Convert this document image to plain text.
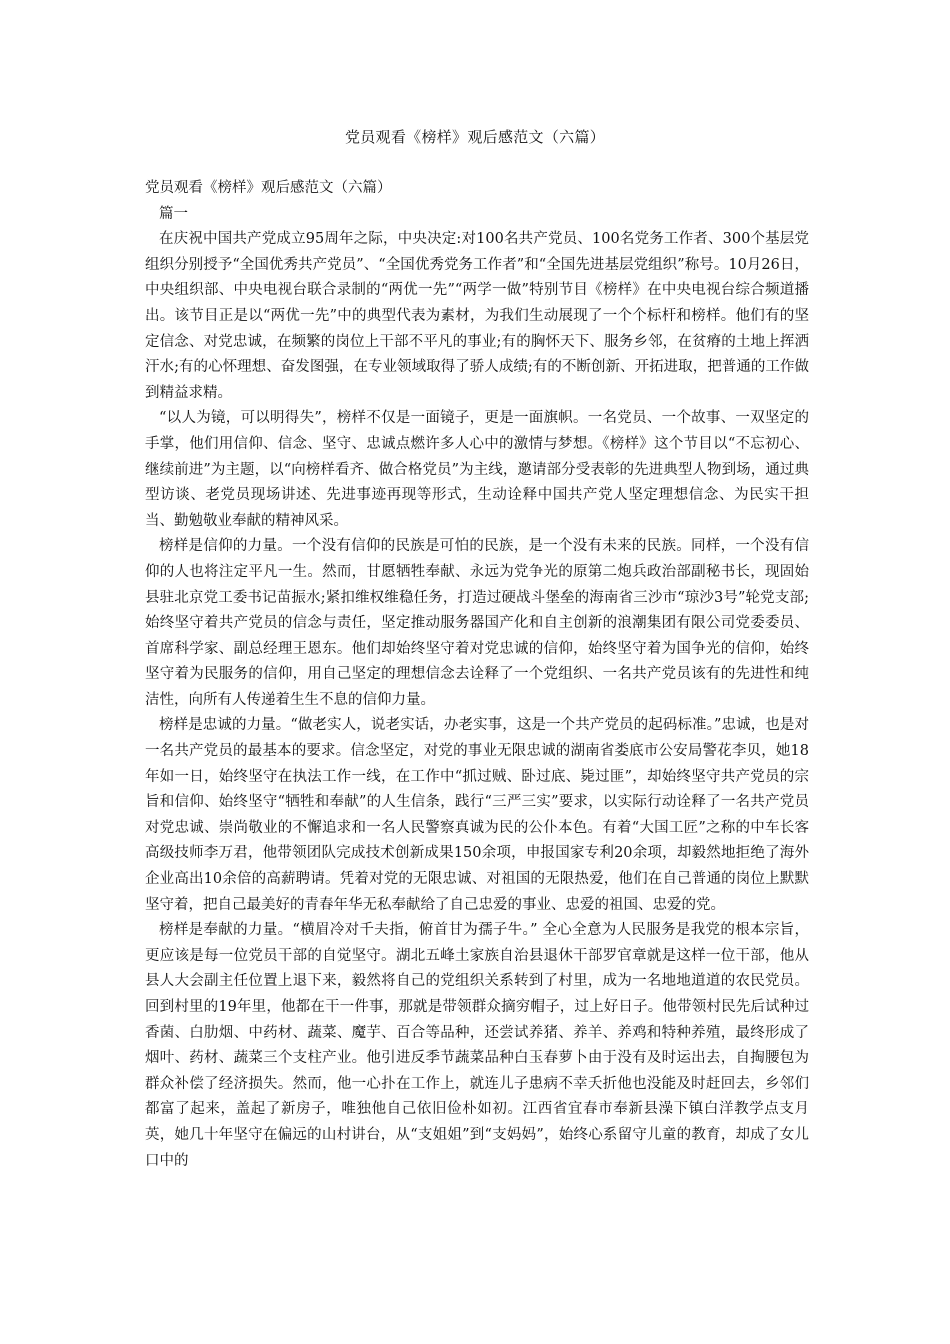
党员观看《榜样》观后感范文（六篇）

党员观看《榜样》观后感范文（六篇）

篇一

在庆祝中国共产党成立95周年之际，中央决定:对100名共产党员、100名党务工作者、300个基层党组织分别授予“全国优秀共产党员”、“全国优秀党务工作者”和“全国先进基层党组织”称号。10月26日，中央组织部、中央电视台联合录制的“两优一先”“两学一做”特别节目《榜样》在中央电视台综合频道播出。该节目正是以“两优一先”中的典型代表为素材，为我们生动展现了一个个标杆和榜样。他们有的坚定信念、对党忠诚，在频繁的岗位上干部不平凡的事业;有的胸怀天下、服务乡邻，在贫瘠的土地上挥洒汗水;有的心怀理想、奋发图强，在专业领域取得了骄人成绩;有的不断创新、开拓进取，把普通的工作做到精益求精。

“以人为镜，可以明得失”，榜样不仅是一面镜子，更是一面旗帜。一名党员、一个故事、一双坚定的手掌，他们用信仰、信念、坚守、忠诚点燃许多人心中的激情与梦想。《榜样》这个节目以“不忘初心、继续前进”为主题，以“向榜样看齐、做合格党员”为主线，邀请部分受表彰的先进典型人物到场，通过典型访谈、老党员现场讲述、先进事迹再现等形式，生动诠释中国共产党人坚定理想信念、为民实干担当、勤勉敬业奉献的精神风采。

榜样是信仰的力量。一个没有信仰的民族是可怕的民族，是一个没有未来的民族。同样，一个没有信仰的人也将注定平凡一生。然而，甘愿牺牲奉献、永远为党争光的原第二炮兵政治部副秘书长，现固始县驻北京党工委书记苗振水;紧扣维权维稳任务，打造过硬战斗堡垒的海南省三沙市“琼沙3号”轮党支部;始终坚守着共产党员的信念与责任，坚定推动服务器国产化和自主创新的浪潮集团有限公司党委委员、首席科学家、副总经理王恩东。他们却始终坚守着对党忠诚的信仰，始终坚守着为国争光的信仰，始终坚守着为民服务的信仰，用自己坚定的理想信念去诠释了一个党组织、一名共产党员该有的先进性和纯洁性，向所有人传递着生生不息的信仰力量。

榜样是忠诚的力量。“做老实人，说老实话，办老实事，这是一个共产党员的起码标准。”忠诚，也是对一名共产党员的最基本的要求。信念坚定，对党的事业无限忠诚的湖南省娄底市公安局警花李贝，她18年如一日，始终坚守在执法工作一线，在工作中“抓过贼、卧过底、毙过匪”，却始终坚守共产党员的宗旨和信仰、始终坚守“牺牲和奉献”的人生信条，践行“三严三实”要求，以实际行动诠释了一名共产党员对党忠诚、崇尚敬业的不懈追求和一名人民警察真诚为民的公仆本色。有着“大国工匠”之称的中车长客高级技师李万君，他带领团队完成技术创新成果150余项，申报国家专利20余项，却毅然地拒绝了海外企业高出10余倍的高薪聘请。凭着对党的无限忠诚、对祖国的无限热爱，他们在自己普通的岗位上默默坚守着，把自己最美好的青春年华无私奉献给了自己忠爱的事业、忠爱的祖国、忠爱的党。

榜样是奉献的力量。“横眉冷对千夫指，俯首甘为孺子牛。” 全心全意为人民服务是我党的根本宗旨，更应该是每一位党员干部的自觉坚守。湖北五峰土家族自治县退休干部罗官章就是这样一位干部，他从县人大会副主任位置上退下来，毅然将自己的党组织关系转到了村里，成为一名地地道道的农民党员。回到村里的19年里，他都在干一件事，那就是带领群众摘穷帽子，过上好日子。他带领村民先后试种过香菌、白肋烟、中药材、蔬菜、魔芋、百合等品种，还尝试养猪、养羊、养鸡和特种养殖，最终形成了烟叶、药材、蔬菜三个支柱产业。他引进反季节蔬菜品种白玉春萝卜由于没有及时运出去，自掏腰包为群众补偿了经济损失。然而，他一心扑在工作上，就连儿子患病不幸夭折他也没能及时赶回去，乡邻们都富了起来，盖起了新房子，唯独他自己依旧俭朴如初。江西省宜春市奉新县澡下镇白洋教学点支月英，她几十年坚守在偏远的山村讲台，从“支姐姐”到“支妈妈”，始终心系留守儿童的教育，却成了女儿口中的
